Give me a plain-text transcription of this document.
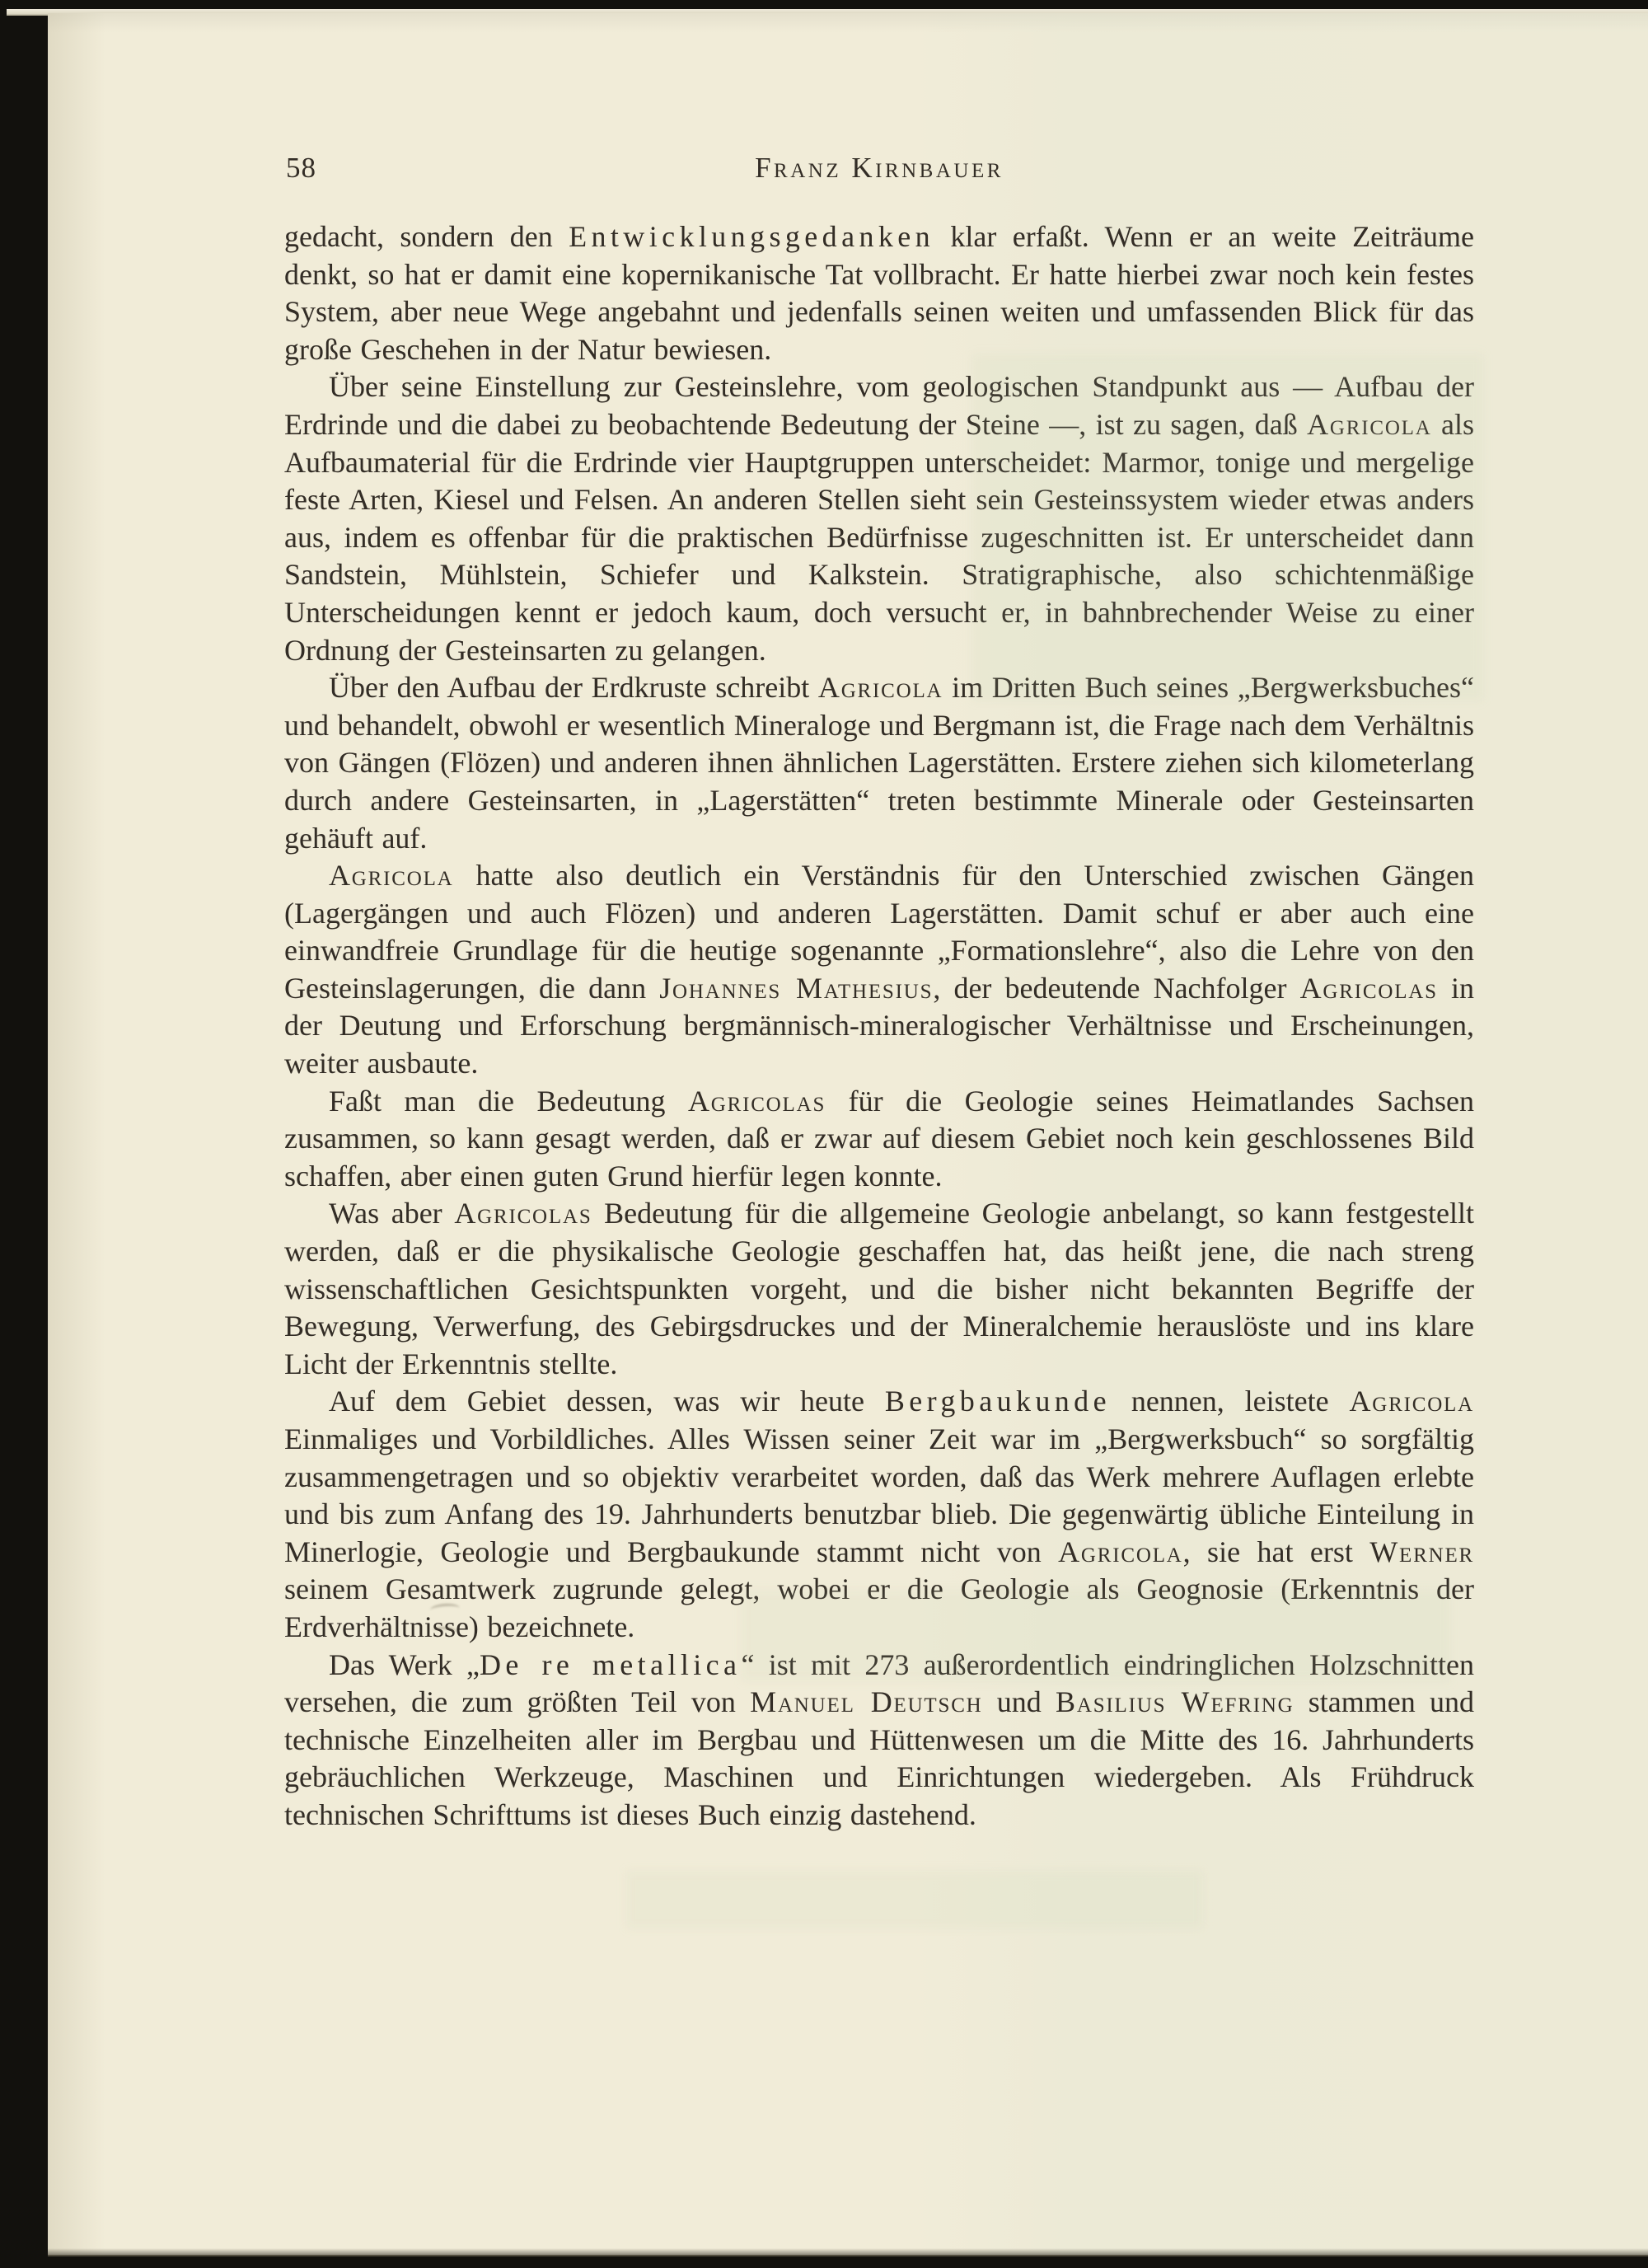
58	Franz Kirnbauer

gedacht, sondern den Entwicklungsgedanken klar erfaßt. Wenn er an weite Zeiträume denkt, so hat er damit eine kopernikanische Tat vollbracht. Er hatte hierbei zwar noch kein festes System, aber neue Wege angebahnt und jedenfalls seinen weiten und umfassenden Blick für das große Geschehen in der Natur bewiesen.

Über seine Einstellung zur Gesteinslehre, vom geologischen Standpunkt aus — Aufbau der Erdrinde und die dabei zu beobachtende Bedeutung der Steine —, ist zu sagen, daß Agricola als Aufbaumaterial für die Erdrinde vier Hauptgruppen unterscheidet: Marmor, tonige und mergelige feste Arten, Kiesel und Felsen. An anderen Stellen sieht sein Gesteinssystem wieder etwas anders aus, indem es offenbar für die praktischen Bedürfnisse zugeschnitten ist. Er unterscheidet dann Sandstein, Mühlstein, Schiefer und Kalkstein. Stratigraphische, also schichtenmäßige Unterscheidungen kennt er jedoch kaum, doch versucht er, in bahnbrechender Weise zu einer Ordnung der Gesteinsarten zu gelangen.

Über den Aufbau der Erdkruste schreibt Agricola im Dritten Buch seines „Bergwerksbuches“ und behandelt, obwohl er wesentlich Mineraloge und Bergmann ist, die Frage nach dem Verhältnis von Gängen (Flözen) und anderen ihnen ähnlichen Lagerstätten. Erstere ziehen sich kilometerlang durch andere Gesteinsarten, in „Lagerstätten“ treten bestimmte Minerale oder Gesteinsarten gehäuft auf.

Agricola hatte also deutlich ein Verständnis für den Unterschied zwischen Gängen (Lagergängen und auch Flözen) und anderen Lagerstätten. Damit schuf er aber auch eine einwandfreie Grundlage für die heutige sogenannte „Formationslehre“, also die Lehre von den Gesteinslagerungen, die dann Johannes Mathesius, der bedeutende Nachfolger Agricolas in der Deutung und Erforschung bergmännisch-mineralogischer Verhältnisse und Erscheinungen, weiter ausbaute.

Faßt man die Bedeutung Agricolas für die Geologie seines Heimatlandes Sachsen zusammen, so kann gesagt werden, daß er zwar auf diesem Gebiet noch kein geschlossenes Bild schaffen, aber einen guten Grund hierfür legen konnte.

Was aber Agricolas Bedeutung für die allgemeine Geologie anbelangt, so kann festgestellt werden, daß er die physikalische Geologie geschaffen hat, das heißt jene, die nach streng wissenschaftlichen Gesichtspunkten vorgeht, und die bisher nicht bekannten Begriffe der Bewegung, Verwerfung, des Gebirgsdruckes und der Mineralchemie herauslöste und ins klare Licht der Erkenntnis stellte.

Auf dem Gebiet dessen, was wir heute Bergbaukunde nennen, leistete Agricola Einmaliges und Vorbildliches. Alles Wissen seiner Zeit war im „Bergwerksbuch“ so sorgfältig zusammengetragen und so objektiv verarbeitet worden, daß das Werk mehrere Auflagen erlebte und bis zum Anfang des 19. Jahrhunderts benutzbar blieb. Die gegenwärtig übliche Einteilung in Minerlogie, Geologie und Bergbaukunde stammt nicht von Agricola, sie hat erst Werner seinem Gesamtwerk zugrunde gelegt, wobei er die Geologie als Geognosie (Erkenntnis der Erdverhältnisse) bezeichnete.

Das Werk „De re metallica“ ist mit 273 außerordentlich eindringlichen Holzschnitten versehen, die zum größten Teil von Manuel Deutsch und Basilius Wefring stammen und technische Einzelheiten aller im Bergbau und Hüttenwesen um die Mitte des 16. Jahrhunderts gebräuchlichen Werkzeuge, Maschinen und Einrichtungen wiedergeben. Als Frühdruck technischen Schrifttums ist dieses Buch einzig dastehend.
